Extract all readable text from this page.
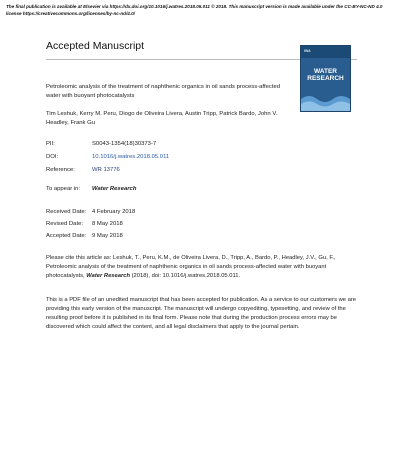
The final publication is available at Elsevier via https://dx.doi.org/10.1016/j.watres.2018.05.011 © 2018. This manuscript version is made available under the CC-BY-NC-ND 4.0 license https://creativecommons.org/licenses/by-nc-nd/4.0/
Accepted Manuscript	IWA
WATER
RESEARCH
Petroleomic analysis of the treatment of naphthenic organics in oil sands process-affected water with buoyant photocatalysts
Tim Leshuk, Kerry M. Peru, Diogo de Oliveira Livera, Austin Tripp, Patrick Bardo, John V. Headley, Frank Gu
PII:	S0043-1354(18)30373-7
DOI:	10.1016/j.watres.2018.05.011
Reference:	WR 13776
To appear in: Water Research
Received Date: 4 February 2018
Revised Date: 8 May 2018
Accepted Date: 9 May 2018
Please cite this article as: Leshuk, T., Peru, K.M., de Oliveira Livera, D., Tripp, A., Bardo, P., Headley, J.V., Gu, F., Petroleomic analysis of the treatment of naphthenic organics in oil sands process-affected water with buoyant photocatalysts, Water Research (2018), doi: 10.1016/j.watres.2018.05.011.
This is a PDF file of an unedited manuscript that has been accepted for publication. As a service to our customers we are providing this early version of the manuscript. The manuscript will undergo copyediting, typesetting, and review of the resulting proof before it is published in its final form. Please note that during the production process errors may be discovered which could affect the content, and all legal disclaimers that apply to the journal pertain.
